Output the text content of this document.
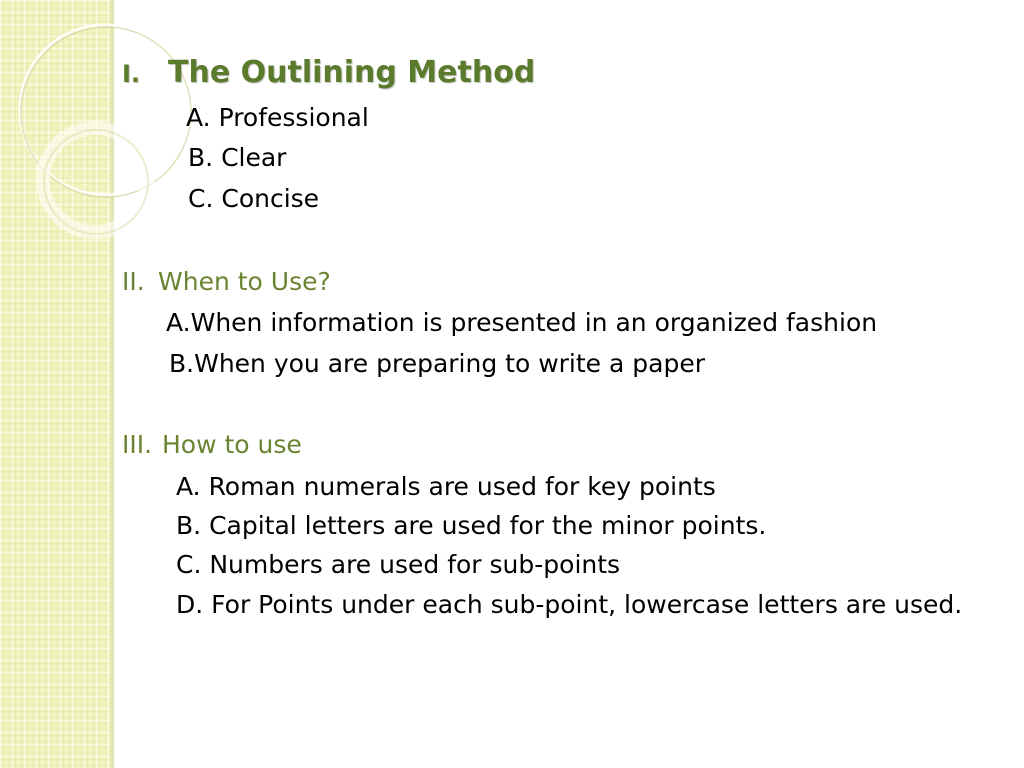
I. The Outlining Method
A. Professional
B. Clear
C. Concise
II. When to Use?
A.When information is presented in an organized fashion
B.When you are preparing to write a paper
III. How to use
A. Roman numerals are used for key points
B. Capital letters are used for the minor points.
C. Numbers are used for sub-points
D. For Points under each sub-point, lowercase letters are used.
